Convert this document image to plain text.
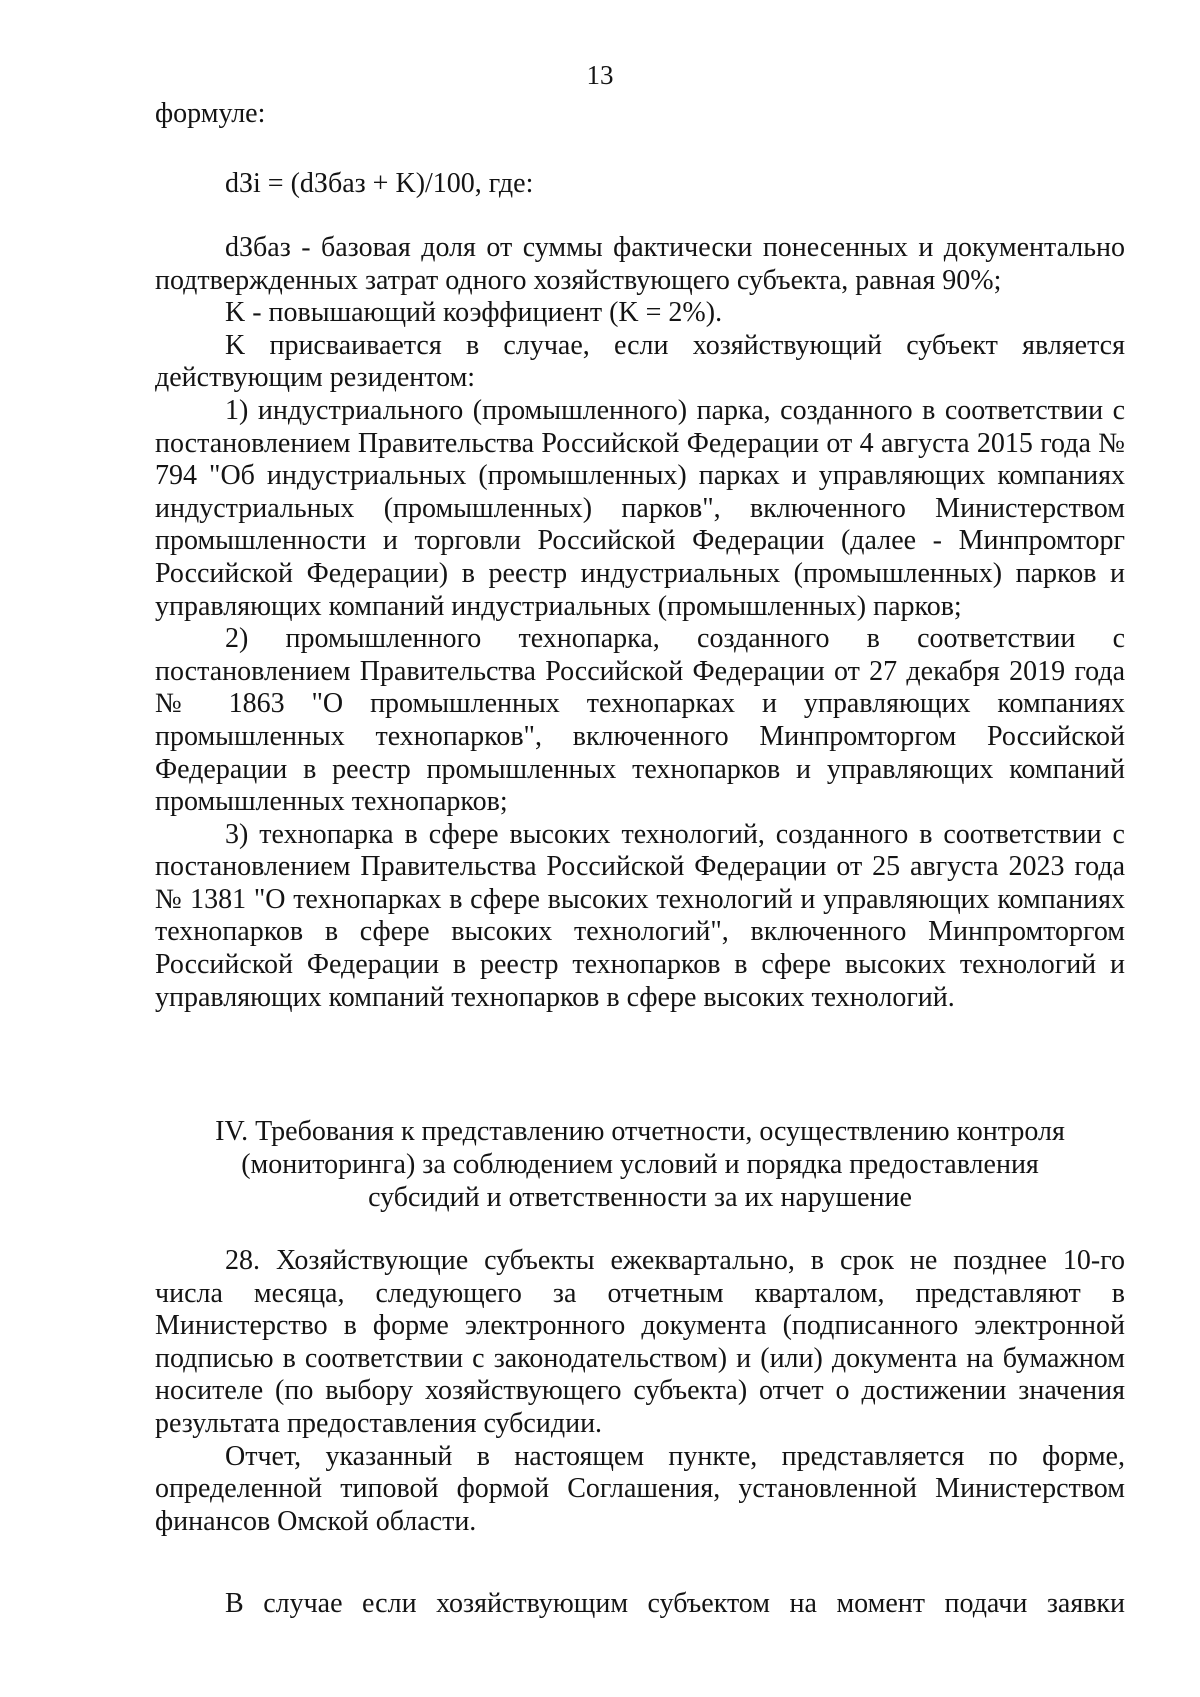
13
формуле:
dЗi = (dЗбаз + K)/100, где:

dЗбаз - базовая доля от суммы фактически понесенных и документально подтвержденных затрат одного хозяйствующего субъекта, равная 90%;

K - повышающий коэффициент (K = 2%).

K присваивается в случае, если хозяйствующий субъект является действующим резидентом:

1) индустриального (промышленного) парка, созданного в соответствии с постановлением Правительства Российской Федерации от 4 августа 2015 года № 794 "Об индустриальных (промышленных) парках и управляющих компаниях индустриальных (промышленных) парков", включенного Министерством промышленности и торговли Российской Федерации (далее - Минпромторг Российской Федерации) в реестр индустриальных (промышленных) парков и управляющих компаний индустриальных (промышленных) парков;

2) промышленного технопарка, созданного в соответствии с постановлением Правительства Российской Федерации от 27 декабря 2019 года № 1863 "О промышленных технопарках и управляющих компаниях промышленных технопарков", включенного Минпромторгом Российской Федерации в реестр промышленных технопарков и управляющих компаний промышленных технопарков;

3) технопарка в сфере высоких технологий, созданного в соответствии с постановлением Правительства Российской Федерации от 25 августа 2023 года № 1381 "О технопарках в сфере высоких технологий и управляющих компаниях технопарков в сфере высоких технологий", включенного Минпромторгом Российской Федерации в реестр технопарков в сфере высоких технологий и управляющих компаний технопарков в сфере высоких технологий.

IV. Требования к представлению отчетности, осуществлению контроля
(мониторинга) за соблюдением условий и порядка предоставления
субсидий и ответственности за их нарушение

28. Хозяйствующие субъекты ежеквартально, в срок не позднее 10-го числа месяца, следующего за отчетным кварталом, представляют в Министерство в форме электронного документа (подписанного электронной подписью в соответствии с законодательством) и (или) документа на бумажном носителе (по выбору хозяйствующего субъекта) отчет о достижении значения результата предоставления субсидии.

Отчет, указанный в настоящем пункте, представляется по форме, определенной типовой формой Соглашения, установленной Министерством финансов Омской области.

В случае если хозяйствующим субъектом на момент подачи заявки
